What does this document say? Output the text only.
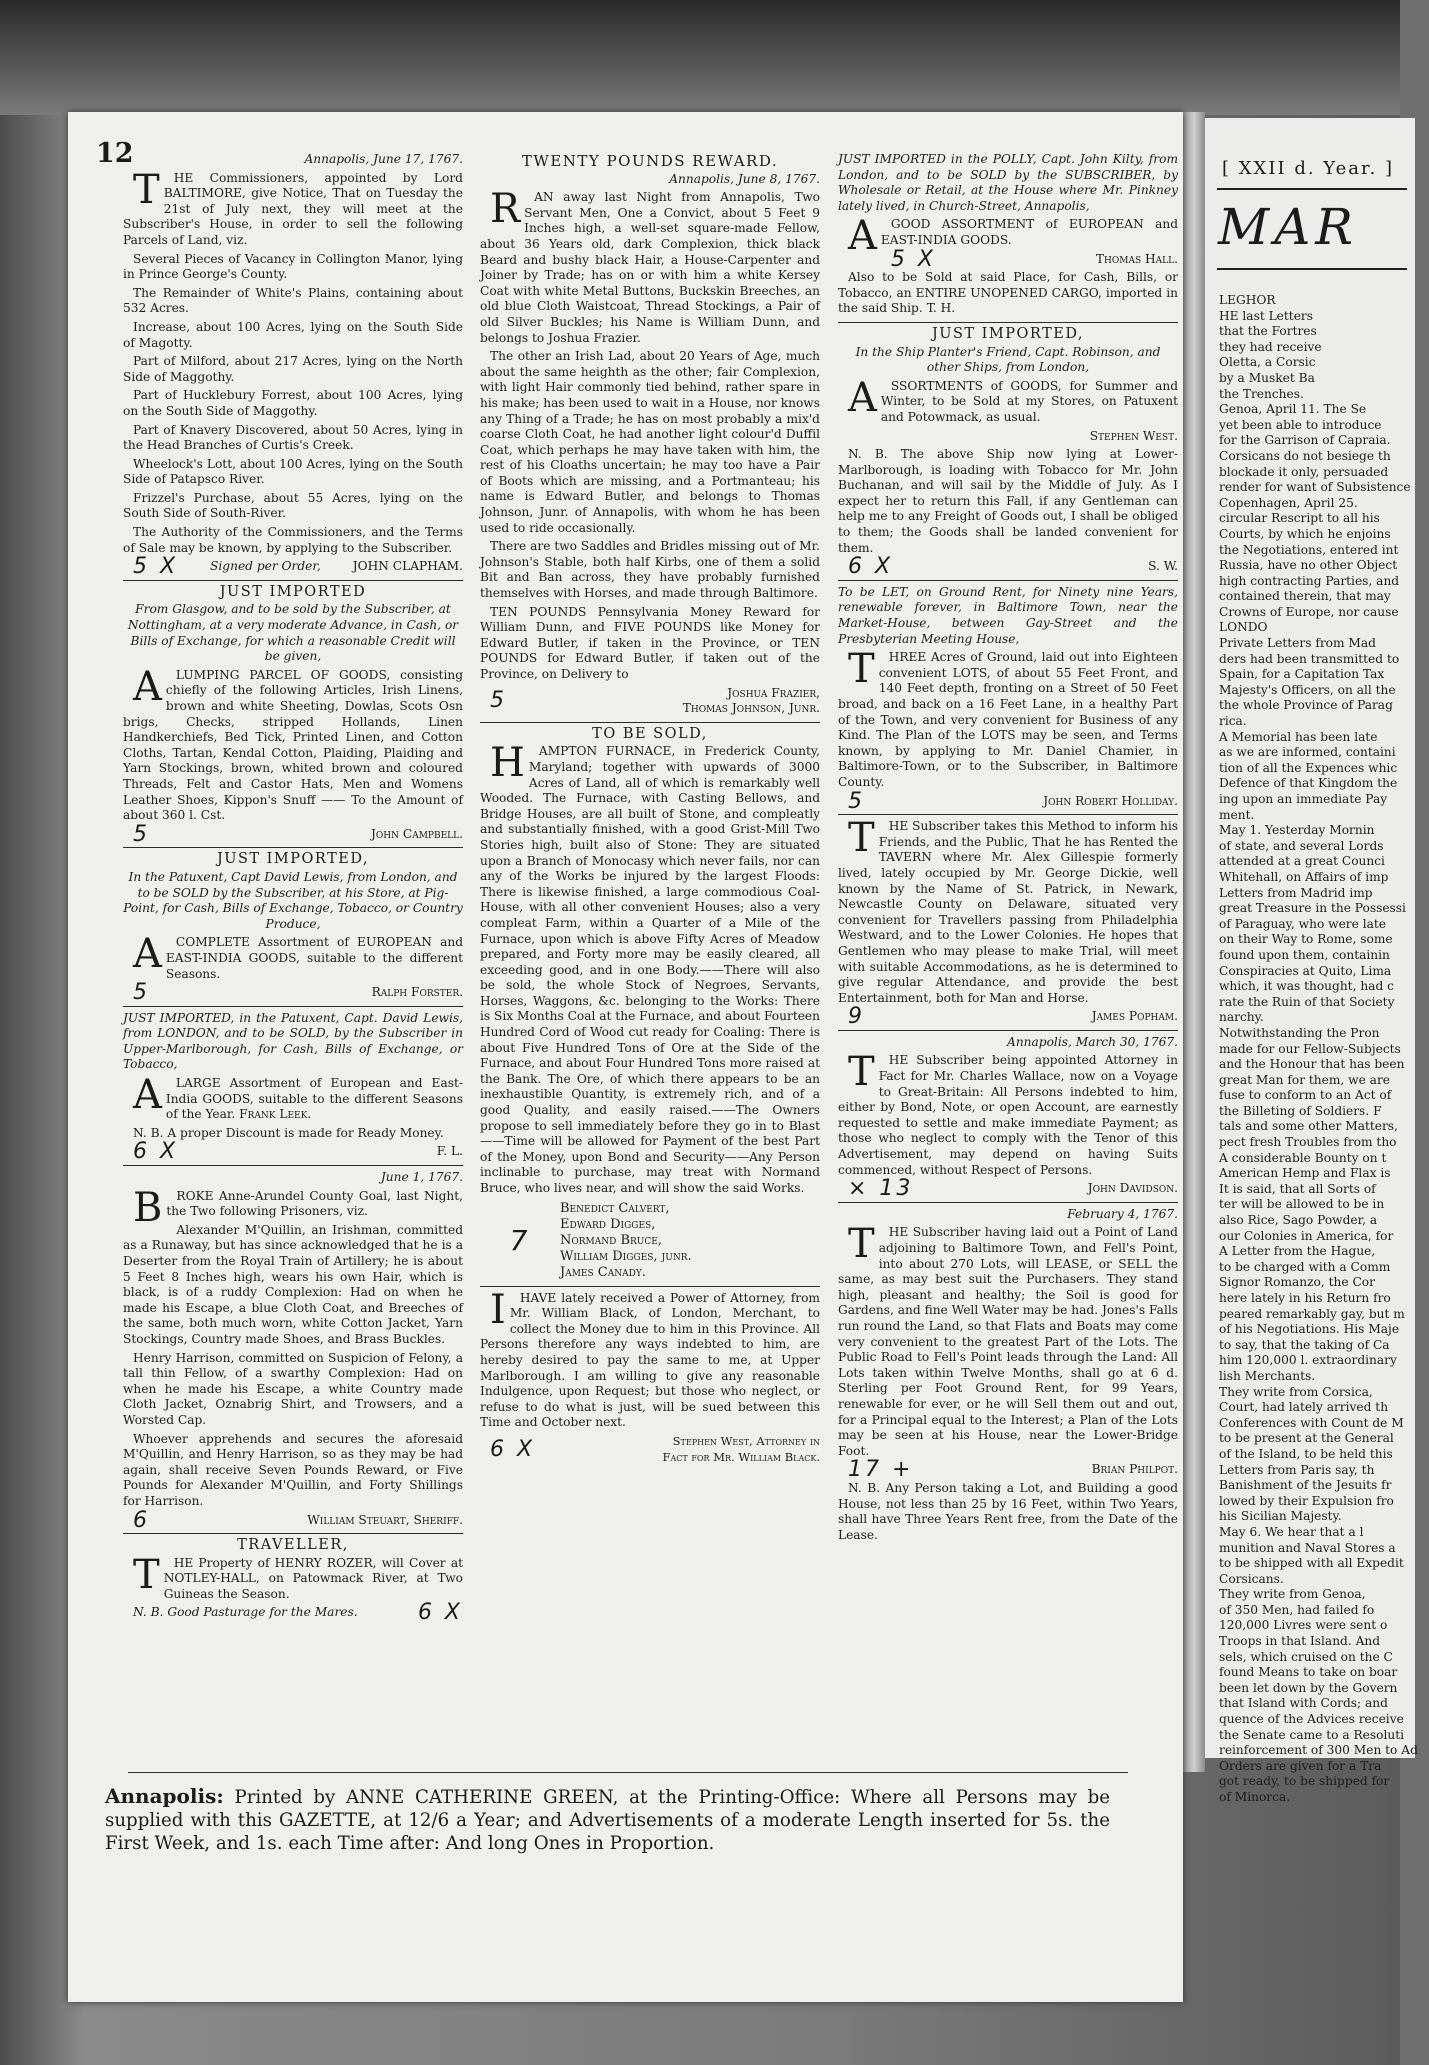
12	Annapolis, June 17, 1767.

T HE Commissioners, appointed by Lord BALTIMORE, give Notice, That on Tuesday the 21st of July next, they will meet at the Subscriber's House, in order to sell the following Parcels of Land, viz.

Several Pieces of Vacancy in Collington Manor, lying in Prince George's County.

The Remainder of White's Plains, containing about 532 Acres.

Increase, about 100 Acres, lying on the South Side of Magotty.

Part of Milford, about 217 Acres, lying on the North Side of Maggothy.

Part of Hucklebury Forrest, about 100 Acres, lying on the South Side of Maggothy.

Part of Knavery Discovered, about 50 Acres, lying in the Head Branches of Curtis's Creek.

Wheelock's Lott, about 100 Acres, lying on the South Side of Patapsco River.

Frizzel's Purchase, about 55 Acres, lying on the South Side of South-River.

The Authority of the Commissioners, and the Terms of Sale may be known, by applying to the Subscriber.

5 X	Signed per Order,	JOHN CLAPHAM.

JUST IMPORTED

From Glasgow, and to be sold by the Subscriber, at Nottingham, at a very moderate Advance, in Cash, or Bills of Exchange, for which a reasonable Credit will be given,

A LUMPING PARCEL OF GOODS, consisting chiefly of the following Articles, Irish Linens, brown and white Sheeting, Dowlas, Scots Osn brigs, Checks, stripped Hollands, Linen Handkerchiefs, Bed Tick, Printed Linen, and Cotton Cloths, Tartan, Kendal Cotton, Plaiding, Plaiding and Yarn Stockings, brown, whited brown and coloured Threads, Felt and Castor Hats, Men and Womens Leather Shoes, Kippon's Snuff —— To the Amount of about 360 l. Cst.

5	John Campbell.

JUST IMPORTED,

In the Patuxent, Capt David Lewis, from London, and to be SOLD by the Subscriber, at his Store, at Pig-Point, for Cash, Bills of Exchange, Tobacco, or Country Produce,

A COMPLETE Assortment of EUROPEAN and EAST-INDIA GOODS, suitable to the different Seasons.

5	Ralph Forster.

JUST IMPORTED, in the Patuxent, Capt. David Lewis, from LONDON, and to be SOLD, by the Subscriber in Upper-Marlborough, for Cash, Bills of Exchange, or Tobacco,

A LARGE Assortment of European and East-India GOODS, suitable to the different Seasons of the Year. Frank Leek.

N. B. A proper Discount is made for Ready Money.

6 X	F. L.

June 1, 1767.

B ROKE Anne-Arundel County Goal, last Night, the Two following Prisoners, viz.

Alexander M'Quillin, an Irishman, committed as a Runaway, but has since acknowledged that he is a Deserter from the Royal Train of Artillery; he is about 5 Feet 8 Inches high, wears his own Hair, which is black, is of a ruddy Complexion: Had on when he made his Escape, a blue Cloth Coat, and Breeches of the same, both much worn, white Cotton Jacket, Yarn Stockings, Country made Shoes, and Brass Buckles.

Henry Harrison, committed on Suspicion of Felony, a tall thin Fellow, of a swarthy Complexion: Had on when he made his Escape, a white Country made Cloth Jacket, Oznabrig Shirt, and Trowsers, and a Worsted Cap.

Whoever apprehends and secures the aforesaid M'Quillin, and Henry Harrison, so as they may be had again, shall receive Seven Pounds Reward, or Five Pounds for Alexander M'Quillin, and Forty Shillings for Harrison.

6	William Steuart, Sheriff.

TRAVELLER,

T HE Property of HENRY ROZER, will Cover at NOTLEY-HALL, on Patowmack River, at Two Guineas the Season.

N. B. Good Pasturage for the Mares.	6 X

TWENTY POUNDS REWARD.

Annapolis, June 8, 1767.

R AN away last Night from Annapolis, Two Servant Men, One a Convict, about 5 Feet 9 Inches high, a well-set square-made Fellow, about 36 Years old, dark Complexion, thick black Beard and bushy black Hair, a House-Carpenter and Joiner by Trade; has on or with him a white Kersey Coat with white Metal Buttons, Buckskin Breeches, an old blue Cloth Waistcoat, Thread Stockings, a Pair of old Silver Buckles; his Name is William Dunn, and belongs to Joshua Frazier.

The other an Irish Lad, about 20 Years of Age, much about the same heighth as the other; fair Complexion, with light Hair commonly tied behind, rather spare in his make; has been used to wait in a House, nor knows any Thing of a Trade; he has on most probably a mix'd coarse Cloth Coat, he had another light colour'd Duffil Coat, which perhaps he may have taken with him, the rest of his Cloaths uncertain; he may too have a Pair of Boots which are missing, and a Portmanteau; his name is Edward Butler, and belongs to Thomas Johnson, Junr. of Annapolis, with whom he has been used to ride occasionally.

There are two Saddles and Bridles missing out of Mr. Johnson's Stable, both half Kirbs, one of them a solid Bit and Ban across, they have probably furnished themselves with Horses, and made through Baltimore.

TEN POUNDS Pennsylvania Money Reward for William Dunn, and FIVE POUNDS like Money for Edward Butler, if taken in the Province, or TEN POUNDS for Edward Butler, if taken out of the Province, on Delivery to

5	Joshua Frazier,
Thomas Johnson, Junr.

TO BE SOLD,

H AMPTON FURNACE, in Frederick County, Maryland; together with upwards of 3000 Acres of Land, all of which is remarkably well Wooded. The Furnace, with Casting Bellows, and Bridge Houses, are all built of Stone, and compleatly and substantially finished, with a good Grist-Mill Two Stories high, built also of Stone: They are situated upon a Branch of Monocasy which never fails, nor can any of the Works be injured by the largest Floods: There is likewise finished, a large commodious Coal-House, with all other convenient Houses; also a very compleat Farm, within a Quarter of a Mile of the Furnace, upon which is above Fifty Acres of Meadow prepared, and Forty more may be easily cleared, all exceeding good, and in one Body.——There will also be sold, the whole Stock of Negroes, Servants, Horses, Waggons, &c. belonging to the Works: There is Six Months Coal at the Furnace, and about Fourteen Hundred Cord of Wood cut ready for Coaling: There is about Five Hundred Tons of Ore at the Side of the Furnace, and about Four Hundred Tons more raised at the Bank. The Ore, of which there appears to be an inexhaustible Quantity, is extremely rich, and of a good Quality, and easily raised.——The Owners propose to sell immediately before they go in to Blast——Time will be allowed for Payment of the best Part of the Money, upon Bond and Security——Any Person inclinable to purchase, may treat with Normand Bruce, who lives near, and will show the said Works.

7
Benedict Calvert,
Edward Digges,
Normand Bruce,
William Digges, junr.
James Canady.

I HAVE lately received a Power of Attorney, from Mr. William Black, of London, Merchant, to collect the Money due to him in this Province. All Persons therefore any ways indebted to him, are hereby desired to pay the same to me, at Upper Marlborough. I am willing to give any reasonable Indulgence, upon Request; but those who neglect, or refuse to do what is just, will be sued between this Time and October next.

6 X	Stephen West, Attorney in
Fact for Mr. William Black.

JUST IMPORTED in the POLLY, Capt. John Kilty, from London, and to be SOLD by the SUBSCRIBER, by Wholesale or Retail, at the House where Mr. Pinkney lately lived, in Church-Street, Annapolis,

A GOOD ASSORTMENT of EUROPEAN and EAST-INDIA GOODS.

5 X	Thomas Hall.

Also to be Sold at said Place, for Cash, Bills, or Tobacco, an ENTIRE UNOPENED CARGO, imported in the said Ship. T. H.

JUST IMPORTED,

In the Ship Planter's Friend, Capt. Robinson, and other Ships, from London,

A SSORTMENTS of GOODS, for Summer and Winter, to be Sold at my Stores, on Patuxent and Potowmack, as usual.

Stephen West.

N. B. The above Ship now lying at Lower-Marlborough, is loading with Tobacco for Mr. John Buchanan, and will sail by the Middle of July. As I expect her to return this Fall, if any Gentleman can help me to any Freight of Goods out, I shall be obliged to them; the Goods shall be landed convenient for them.

6 X	S. W.

To be LET, on Ground Rent, for Ninety nine Years, renewable forever, in Baltimore Town, near the Market-House, between Gay-Street and the Presbyterian Meeting House,

T HREE Acres of Ground, laid out into Eighteen convenient LOTS, of about 55 Feet Front, and 140 Feet depth, fronting on a Street of 50 Feet broad, and back on a 16 Feet Lane, in a healthy Part of the Town, and very convenient for Business of any Kind. The Plan of the LOTS may be seen, and Terms known, by applying to Mr. Daniel Chamier, in Baltimore-Town, or to the Subscriber, in Baltimore County.

5	John Robert Holliday.

T HE Subscriber takes this Method to inform his Friends, and the Public, That he has Rented the TAVERN where Mr. Alex Gillespie formerly lived, lately occupied by Mr. George Dickie, well known by the Name of St. Patrick, in Newark, Newcastle County on Delaware, situated very convenient for Travellers passing from Philadelphia Westward, and to the Lower Colonies. He hopes that Gentlemen who may please to make Trial, will meet with suitable Accommodations, as he is determined to give regular Attendance, and provide the best Entertainment, both for Man and Horse.

9	James Popham.

Annapolis, March 30, 1767.

T HE Subscriber being appointed Attorney in Fact for Mr. Charles Wallace, now on a Voyage to Great-Britain: All Persons indebted to him, either by Bond, Note, or open Account, are earnestly requested to settle and make immediate Payment; as those who neglect to comply with the Tenor of this Advertisement, may depend on having Suits commenced, without Respect of Persons.

× 13	John Davidson.

February 4, 1767.

T HE Subscriber having laid out a Point of Land adjoining to Baltimore Town, and Fell's Point, into about 270 Lots, will LEASE, or SELL the same, as may best suit the Purchasers. They stand high, pleasant and healthy; the Soil is good for Gardens, and fine Well Water may be had. Jones's Falls run round the Land, so that Flats and Boats may come very convenient to the greatest Part of the Lots. The Public Road to Fell's Point leads through the Land: All Lots taken within Twelve Months, shall go at 6 d. Sterling per Foot Ground Rent, for 99 Years, renewable for ever, or he will Sell them out and out, for a Principal equal to the Interest; a Plan of the Lots may be seen at his House, near the Lower-Bridge Foot.

17 +	Brian Philpot.

N. B. Any Person taking a Lot, and Building a good House, not less than 25 by 16 Feet, within Two Years, shall have Three Years Rent free, from the Date of the Lease.

Annapolis: Printed by ANNE CATHERINE GREEN, at the Printing-Office: Where all Persons may be supplied with this GAZETTE, at 12/6 a Year; and Advertisements of a moderate Length inserted for 5s. the First Week, and 1s. each Time after: And long Ones in Proportion.
[ XXII d. Year. ]
MAR

LEGHOR

HE last Letters

that the Fortres

they had receive

Oletta, a Corsic

by a Musket Ba

the Trenches.

Genoa, April 11. The Se

yet been able to introduce

for the Garrison of Capraia.

Corsicans do not besiege th

blockade it only, persuaded

render for want of Subsistence

Copenhagen, April 25.

circular Rescript to all his

Courts, by which he enjoins

the Negotiations, entered int

Russia, have no other Object

high contracting Parties, and

contained therein, that may

Crowns of Europe, nor cause

LONDO

Private Letters from Mad

ders had been transmitted to

Spain, for a Capitation Tax

Majesty's Officers, on all the

the whole Province of Parag

rica.

A Memorial has been late

as we are informed, containi

tion of all the Expences whic

Defence of that Kingdom the

ing upon an immediate Pay

ment.

May 1. Yesterday Mornin

of state, and several Lords

attended at a great Counci

Whitehall, on Affairs of imp

Letters from Madrid imp

great Treasure in the Possessi

of Paraguay, who were late

on their Way to Rome, some

found upon them, containin

Conspiracies at Quito, Lima

which, it was thought, had c

rate the Ruin of that Society

narchy.

Notwithstanding the Pron

made for our Fellow-Subjects

and the Honour that has been

great Man for them, we are

fuse to conform to an Act of

the Billeting of Soldiers. F

tals and some other Matters,

pect fresh Troubles from tho

A considerable Bounty on t

American Hemp and Flax is

It is said, that all Sorts of

ter will be allowed to be in

also Rice, Sago Powder, a

our Colonies in America, for

A Letter from the Hague,

to be charged with a Comm

Signor Romanzo, the Cor

here lately in his Return fro

peared remarkably gay, but m

of his Negotiations. His Maje

to say, that the taking of Ca

him 120,000 l. extraordinary

lish Merchants.

They write from Corsica,

Court, had lately arrived th

Conferences with Count de M

to be present at the General

of the Island, to be held this

Letters from Paris say, th

Banishment of the Jesuits fr

lowed by their Expulsion fro

his Sicilian Majesty.

May 6. We hear that a l

munition and Naval Stores a

to be shipped with all Expedit

Corsicans.

They write from Genoa,

of 350 Men, had failed fo

120,000 Livres were sent o

Troops in that Island. And

sels, which cruised on the C

found Means to take on boar

been let down by the Govern

that Island with Cords; and

quence of the Advices receive

the Senate came to a Resoluti

reinforcement of 300 Men to Ad

Orders are given for a Tra

got ready, to be shipped for

of Minorca.
